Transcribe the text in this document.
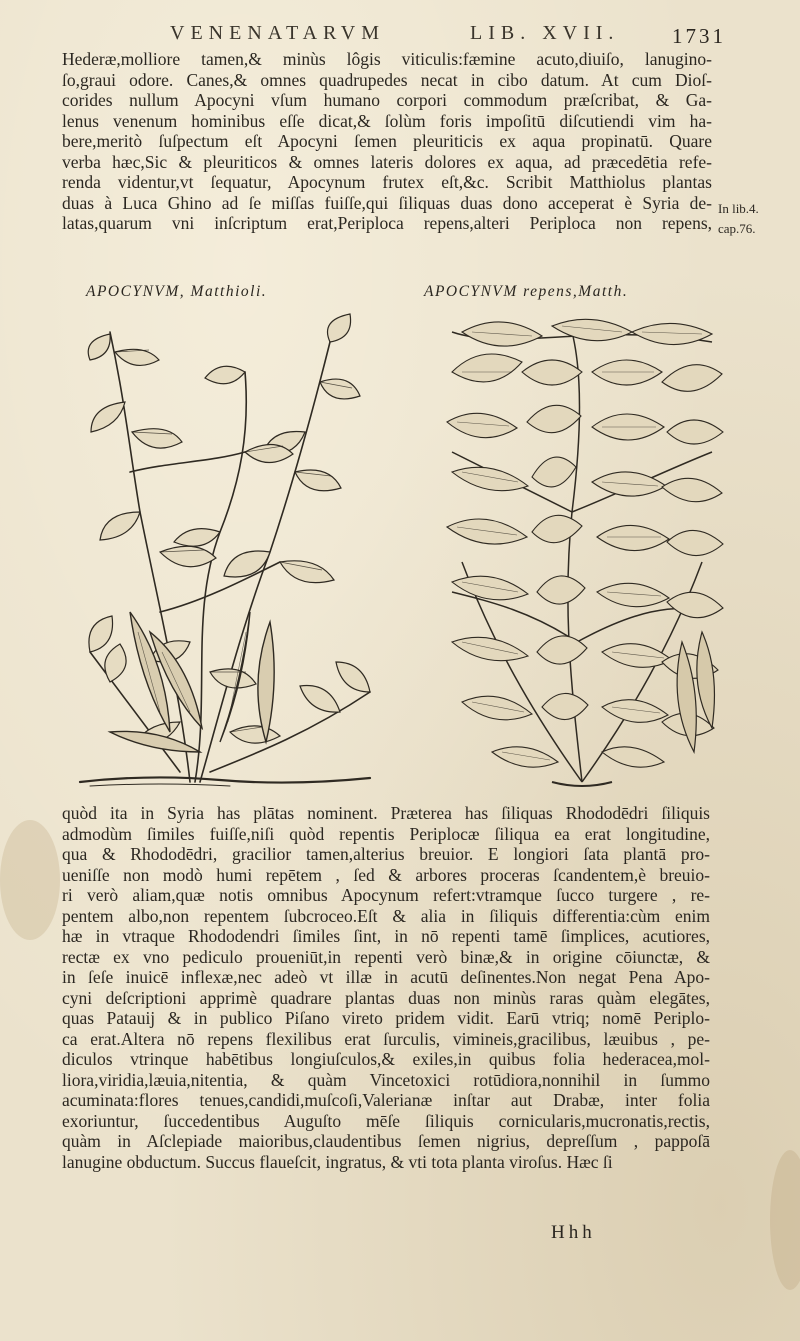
VENENATARVM	LIB. XVII.	1731
Hederæ,molliore tamen,& minùs lôgis viticulis:fæmine acuto,diuiſo, lanugino-
ſo,graui odore. Canes,& omnes quadrupedes necat in cibo datum. At cum Dioſ-
corides nullum Apocyni vſum humano corpori commodum præſcribat, & Ga-
lenus venenum hominibus eſſe dicat,& ſolùm foris impoſitū diſcutiendi vim ha-
bere,meritò ſuſpectum eſt Apocyni ſemen pleuriticis ex aqua propinatū. Quare
verba hæc,Sic & pleuriticos & omnes lateris dolores ex aqua, ad præcedētia refe-
renda videntur,vt ſequatur, Apocynum frutex eſt,&c. Scribit Matthiolus plantas
duas à Luca Ghino ad ſe miſſas fuiſſe,qui ſiliquas duas dono acceperat è Syria de-
latas,quarum vni inſcriptum erat,Periploca repens,alteri Periploca non repens,
In lib.4.
cap.76.
APOCYNVM, Matthioli.	APOCYNVM repens,Matth.
quòd ita in Syria has plātas nominent. Præterea has ſiliquas Rhododēdri ſiliquis
admodùm ſimiles fuiſſe,niſi quòd repentis Periplocæ ſiliqua ea erat longitudine,
qua & Rhododēdri, gracilior tamen,alterius breuior. E longiori ſata plantā pro-
ueniſſe non modò humi repētem , ſed & arbores proceras ſcandentem,è breuio-
ri verò aliam,quæ notis omnibus Apocynum refert:vtramque ſucco turgere , re-
pentem albo,non repentem ſubcroceo.Eſt & alia in ſiliquis differentia:cùm enim
hæ in vtraque Rhododendri ſimiles ſint, in nō repenti tamē ſimplices, acutiores,
rectæ ex vno pediculo proueniūt,in repenti verò binæ,& in origine cōiunctæ, &
in ſeſe inuicē inflexæ,nec adeò vt illæ in acutū deſinentes.Non negat Pena Apo-
cyni deſcriptioni apprimè quadrare plantas duas non minùs raras quàm elegātes,
quas Patauij & in publico Piſano vireto pridem vidit. Earū vtriq; nomē Periplo-
ca erat.Altera nō repens flexilibus erat ſurculis, vimineis,gracilibus, læuibus , pe-
diculos vtrinque habētibus longiuſculos,& exiles,in quibus folia hederacea,mol-
liora,viridia,læuia,nitentia, & quàm Vincetoxici rotūdiora,nonnihil in ſummo
acuminata:flores tenues,candidi,muſcoſi,Valerianæ inſtar aut Drabæ, inter folia
exoriuntur, ſuccedentibus Auguſto mēſe ſiliquis cornicularis,mucronatis,rectis,
quàm in Aſclepiade maioribus,claudentibus ſemen nigrius, depreſſum , pappoſā
lanugine obductum. Succus flaueſcit, ingratus, & vti tota planta viroſus. Hæc ſi
Hhh
